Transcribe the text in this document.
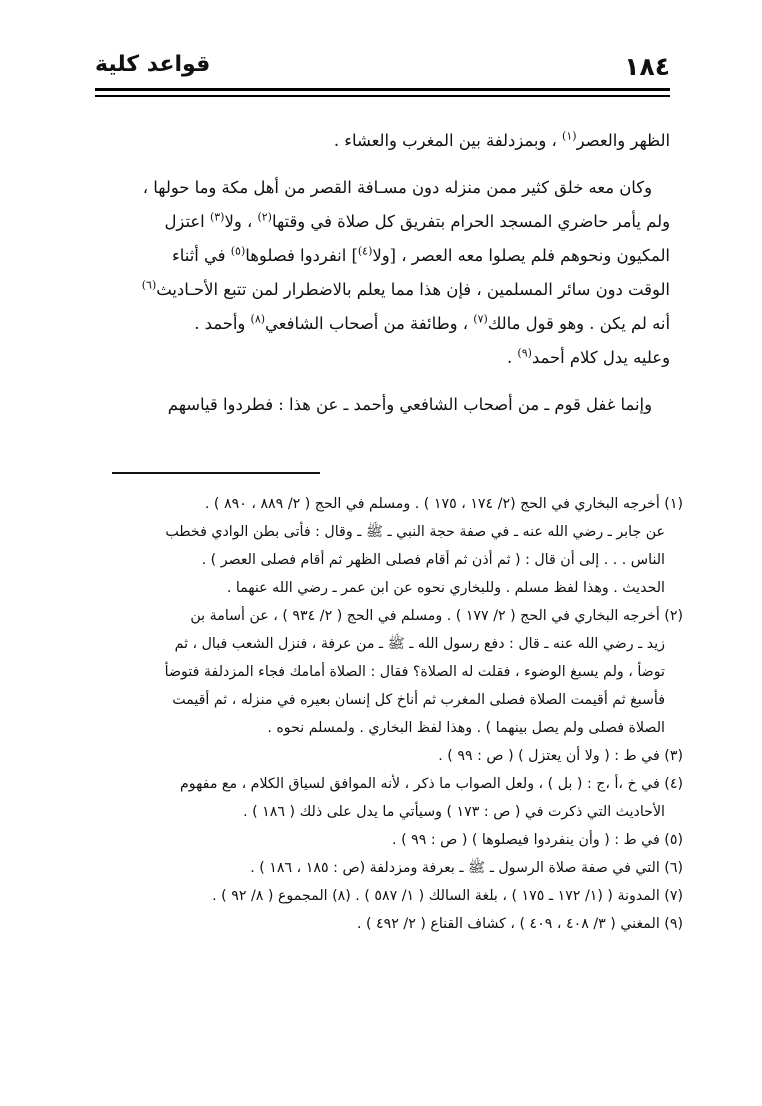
١٨٤
قواعد كلية
الظهر والعصر$^{(١)}$ ، وبمزدلفة بين المغرب والعشاء .
وكان معه خلق كثير ممن منزله دون مسـافة القصر من أهل مكة وما حولها ،
ولم يأمر حاضري المسجد الحرام بتفريق كل صلاة في وقتها$^{(٢)}$ ، ولا$^{(٣)}$ اعتزل
المكيون ونحوهم فلم يصلوا معه العصر ، [ولا$^{(٤)}$] انفردوا فصلوها$^{(٥)}$ في أثناء
الوقت دون سائر المسلمين ، فإن هذا مما يعلم بالاضطرار لمن تتبع الأحـاديث$^{(٦)}$
أنه لم يكن . وهو قول مالك$^{(٧)}$ ، وطائفة من أصحاب الشافعي$^{(٨)}$ وأحمد .
وعليه يدل كلام أحمد$^{(٩)}$ .
وإنما غفل قوم ـ من أصحاب الشافعي وأحمد ـ عن هذا : فطردوا قياسهم
(١) أخرجه البخاري في الحج (٢/ ١٧٤ ، ١٧٥ ) . ومسلم في الحج ( ٢/ ٨٨٩ ، ٨٩٠ ) .
عن جابر ـ رضي الله عنه ـ في صفة حجة النبي ـ ﷺ ـ وقال : فأتى بطن الوادي فخطب
الناس . . . إلى أن قال : ( ثم أذن ثم أقام فصلى الظهر ثم أقام فصلى العصر ) .
الحديث . وهذا لفظ مسلم . وللبخاري نحوه عن ابن عمر ـ رضي الله عنهما .
(٢) أخرجه البخاري في الحج ( ٢/ ١٧٧ ) . ومسلم في الحج ( ٢/ ٩٣٤ ) ، عن أسامة بن
زيد ـ رضي الله عنه ـ قال : دفع رسول الله ـ ﷺ ـ من عرفة ، فنزل الشعب فبال ، ثم
توضأ ، ولم يسبغ الوضوء ، فقلت له الصلاة؟ فقال : الصلاة أمامك فجاء المزدلفة فتوضأ
فأسبغ ثم أقيمت الصلاة فصلى المغرب ثم أناخ كل إنسان بعيره في منزله ، ثم أقيمت
الصلاة فصلى ولم يصل بينهما ) . وهذا لفظ البخاري . ولمسلم نحوه .
(٣) في ط : ( ولا أن يعتزل ) ( ص : ٩٩ ) .
(٤) في خ ،أ ،ج : ( بل ) ، ولعل الصواب ما ذكر ، لأنه الموافق لسياق الكلام ، مع مفهوم
الأحاديث التي ذكرت في ( ص : ١٧٣ ) وسيأتي ما يدل على ذلك ( ١٨٦ ) .
(٥) في ط : ( وأن ينفردوا فيصلوها ) ( ص : ٩٩ ) .
(٦) التي في صفة صلاة الرسول ـ ﷺ ـ بعرفة ومزدلفة (ص : ١٨٥ ، ١٨٦ ) .
(٧) المدونة ( (١/ ١٧٢ ـ ١٧٥ ) ، بلغة السالك ( ١/ ٥٨٧ ) . (٨) المجموع ( ٨/ ٩٢ ) .
(٩) المغني ( ٣/ ٤٠٨ ، ٤٠٩ ) ، كشاف القناع ( ٢/ ٤٩٢ ) .
